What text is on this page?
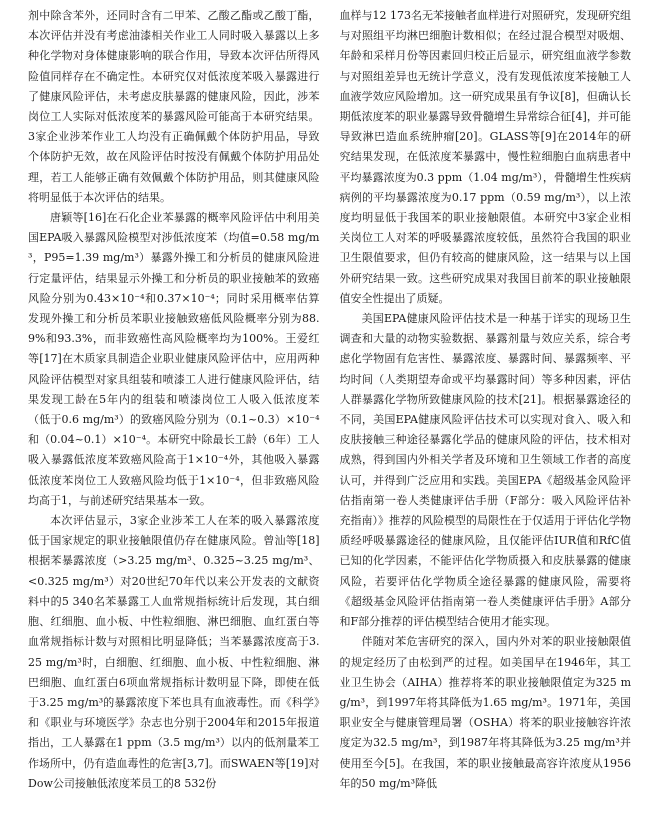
剂中除含苯外，还同时含有二甲苯、乙酸乙酯或乙酸丁酯，本次评估并没有考虑油漆相关作业工人同时吸入暴露以上多种化学物对身体健康影响的联合作用，导致本次评估所得风险值同样存在不确定性。本研究仅对低浓度苯吸入暴露进行了健康风险评估，未考虑皮肤暴露的健康风险，因此，涉苯岗位工人实际对低浓度苯的暴露风险可能高于本研究结果。3家企业涉苯作业工人均没有正确佩戴个体防护用品，导致个体防护无效，故在风险评估时按没有佩戴个体防护用品处理，若工人能够正确有效佩戴个体防护用品，则其健康风险将明显低于本次评估的结果。

唐颖等[16]在石化企业苯暴露的概率风险评估中利用美国EPA吸入暴露风险模型对涉低浓度苯（均值=0.58 mg/m³，P95=1.39 mg/m³）暴露外操工和分析员的健康风险进行定量评估，结果显示外操工和分析员的职业接触苯的致癌风险分别为0.43×10⁻⁴和0.37×10⁻⁴；同时采用概率估算发现外操工和分析员苯职业接触致癌低风险概率分别为88.9%和93.3%，而非致癌性高风险概率均为100%。王爱红等[17]在木质家具制造企业职业健康风险评估中，应用两种风险评估模型对家具组装和喷漆工人进行健康风险评估，结果发现工龄在5年内的组装和喷漆岗位工人吸入低浓度苯（低于0.6 mg/m³）的致癌风险分别为（0.1~0.3）×10⁻⁴和（0.04~0.1）×10⁻⁴。本研究中除最长工龄（6年）工人吸入暴露低浓度苯致癌风险高于1×10⁻⁴外，其他吸入暴露低浓度苯岗位工人致癌风险均低于1×10⁻⁴，但非致癌风险均高于1，与前述研究结果基本一致。

本次评估显示，3家企业涉苯工人在苯的吸入暴露浓度低于国家规定的职业接触限值仍存在健康风险。曾汕等[18]根据苯暴露浓度（>3.25 mg/m³、0.325~3.25 mg/m³、<0.325 mg/m³）对20世纪70年代以来公开发表的文献资料中的5 340名苯暴露工人血常规指标统计后发现，其白细胞、红细胞、血小板、中性粒细胞、淋巴细胞、血红蛋白等血常规指标计数与对照相比明显降低；当苯暴露浓度高于3.25 mg/m³时，白细胞、红细胞、血小板、中性粒细胞、淋巴细胞、血红蛋白6项血常规指标计数明显下降，即使在低于3.25 mg/m³的暴露浓度下苯也具有血液毒性。而《科学》和《职业与环境医学》杂志也分别于2004年和2015年报道指出，工人暴露在1 ppm（3.5 mg/m³）以内的低剂量苯工作场所中，仍有造血毒性的危害[3,7]。而SWAEN等[19]对Dow公司接触低浓度苯员工的8 532份

血样与12 173名无苯接触者血样进行对照研究，发现研究组与对照组平均淋巴细胞计数相似；在经过混合模型对吸烟、年龄和采样月份等因素回归校正后显示，研究组血液学参数与对照组差异也无统计学意义，没有发现低浓度苯接触工人血液学效应风险增加。这一研究成果虽有争议[8]，但确认长期低浓度苯的职业暴露导致骨髓增生异常综合征[4]，并可能导致淋巴造血系统肿瘤[20]。GLASS等[9]在2014年的研究结果发现，在低浓度苯暴露中，慢性粒细胞白血病患者中平均暴露浓度为0.3 ppm（1.04 mg/m³），骨髓增生性疾病病例的平均暴露浓度为0.17 ppm（0.59 mg/m³），以上浓度均明显低于我国苯的职业接触限值。本研究中3家企业相关岗位工人对苯的呼吸暴露浓度较低，虽然符合我国的职业卫生限值要求，但仍有较高的健康风险，这一结果与以上国外研究结果一致。这些研究成果对我国目前苯的职业接触限值安全性提出了质疑。

美国EPA健康风险评估技术是一种基于详实的现场卫生调查和大量的动物实验数据、暴露剂量与效应关系，综合考虑化学物固有危害性、暴露浓度、暴露时间、暴露频率、平均时间（人类期望寿命或平均暴露时间）等多种因素，评估人群暴露化学物所致健康风险的技术[21]。根据暴露途径的不同，美国EPA健康风险评估技术可以实现对食入、吸入和皮肤接触三种途径暴露化学品的健康风险的评估，技术相对成熟，得到国内外相关学者及环境和卫生领域工作者的高度认可，并得到广泛应用和实践。美国EPA《超级基金风险评估指南第一卷人类健康评估手册（F部分：吸入风险评估补充指南）》推荐的风险模型的局限性在于仅适用于评估化学物质经呼吸暴露途径的健康风险，且仅能评估IUR值和RfC值已知的化学因素，不能评估化学物质摄入和皮肤暴露的健康风险，若要评估化学物质全途径暴露的健康风险，需要将《超级基金风险评估指南第一卷人类健康评估手册》A部分和F部分推荐的评估模型结合使用才能实现。

伴随对苯危害研究的深入，国内外对苯的职业接触限值的规定经历了由松到严的过程。如美国早在1946年，其工业卫生协会（AIHA）推荐将苯的职业接触限值定为325 mg/m³，到1997年将其降低为1.65 mg/m³。1971年，美国职业安全与健康管理局署（OSHA）将苯的职业接触容许浓度定为32.5 mg/m³，到1987年将其降低为3.25 mg/m³并使用至今[5]。在我国，苯的职业接触最高容许浓度从1956年的50 mg/m³降低
